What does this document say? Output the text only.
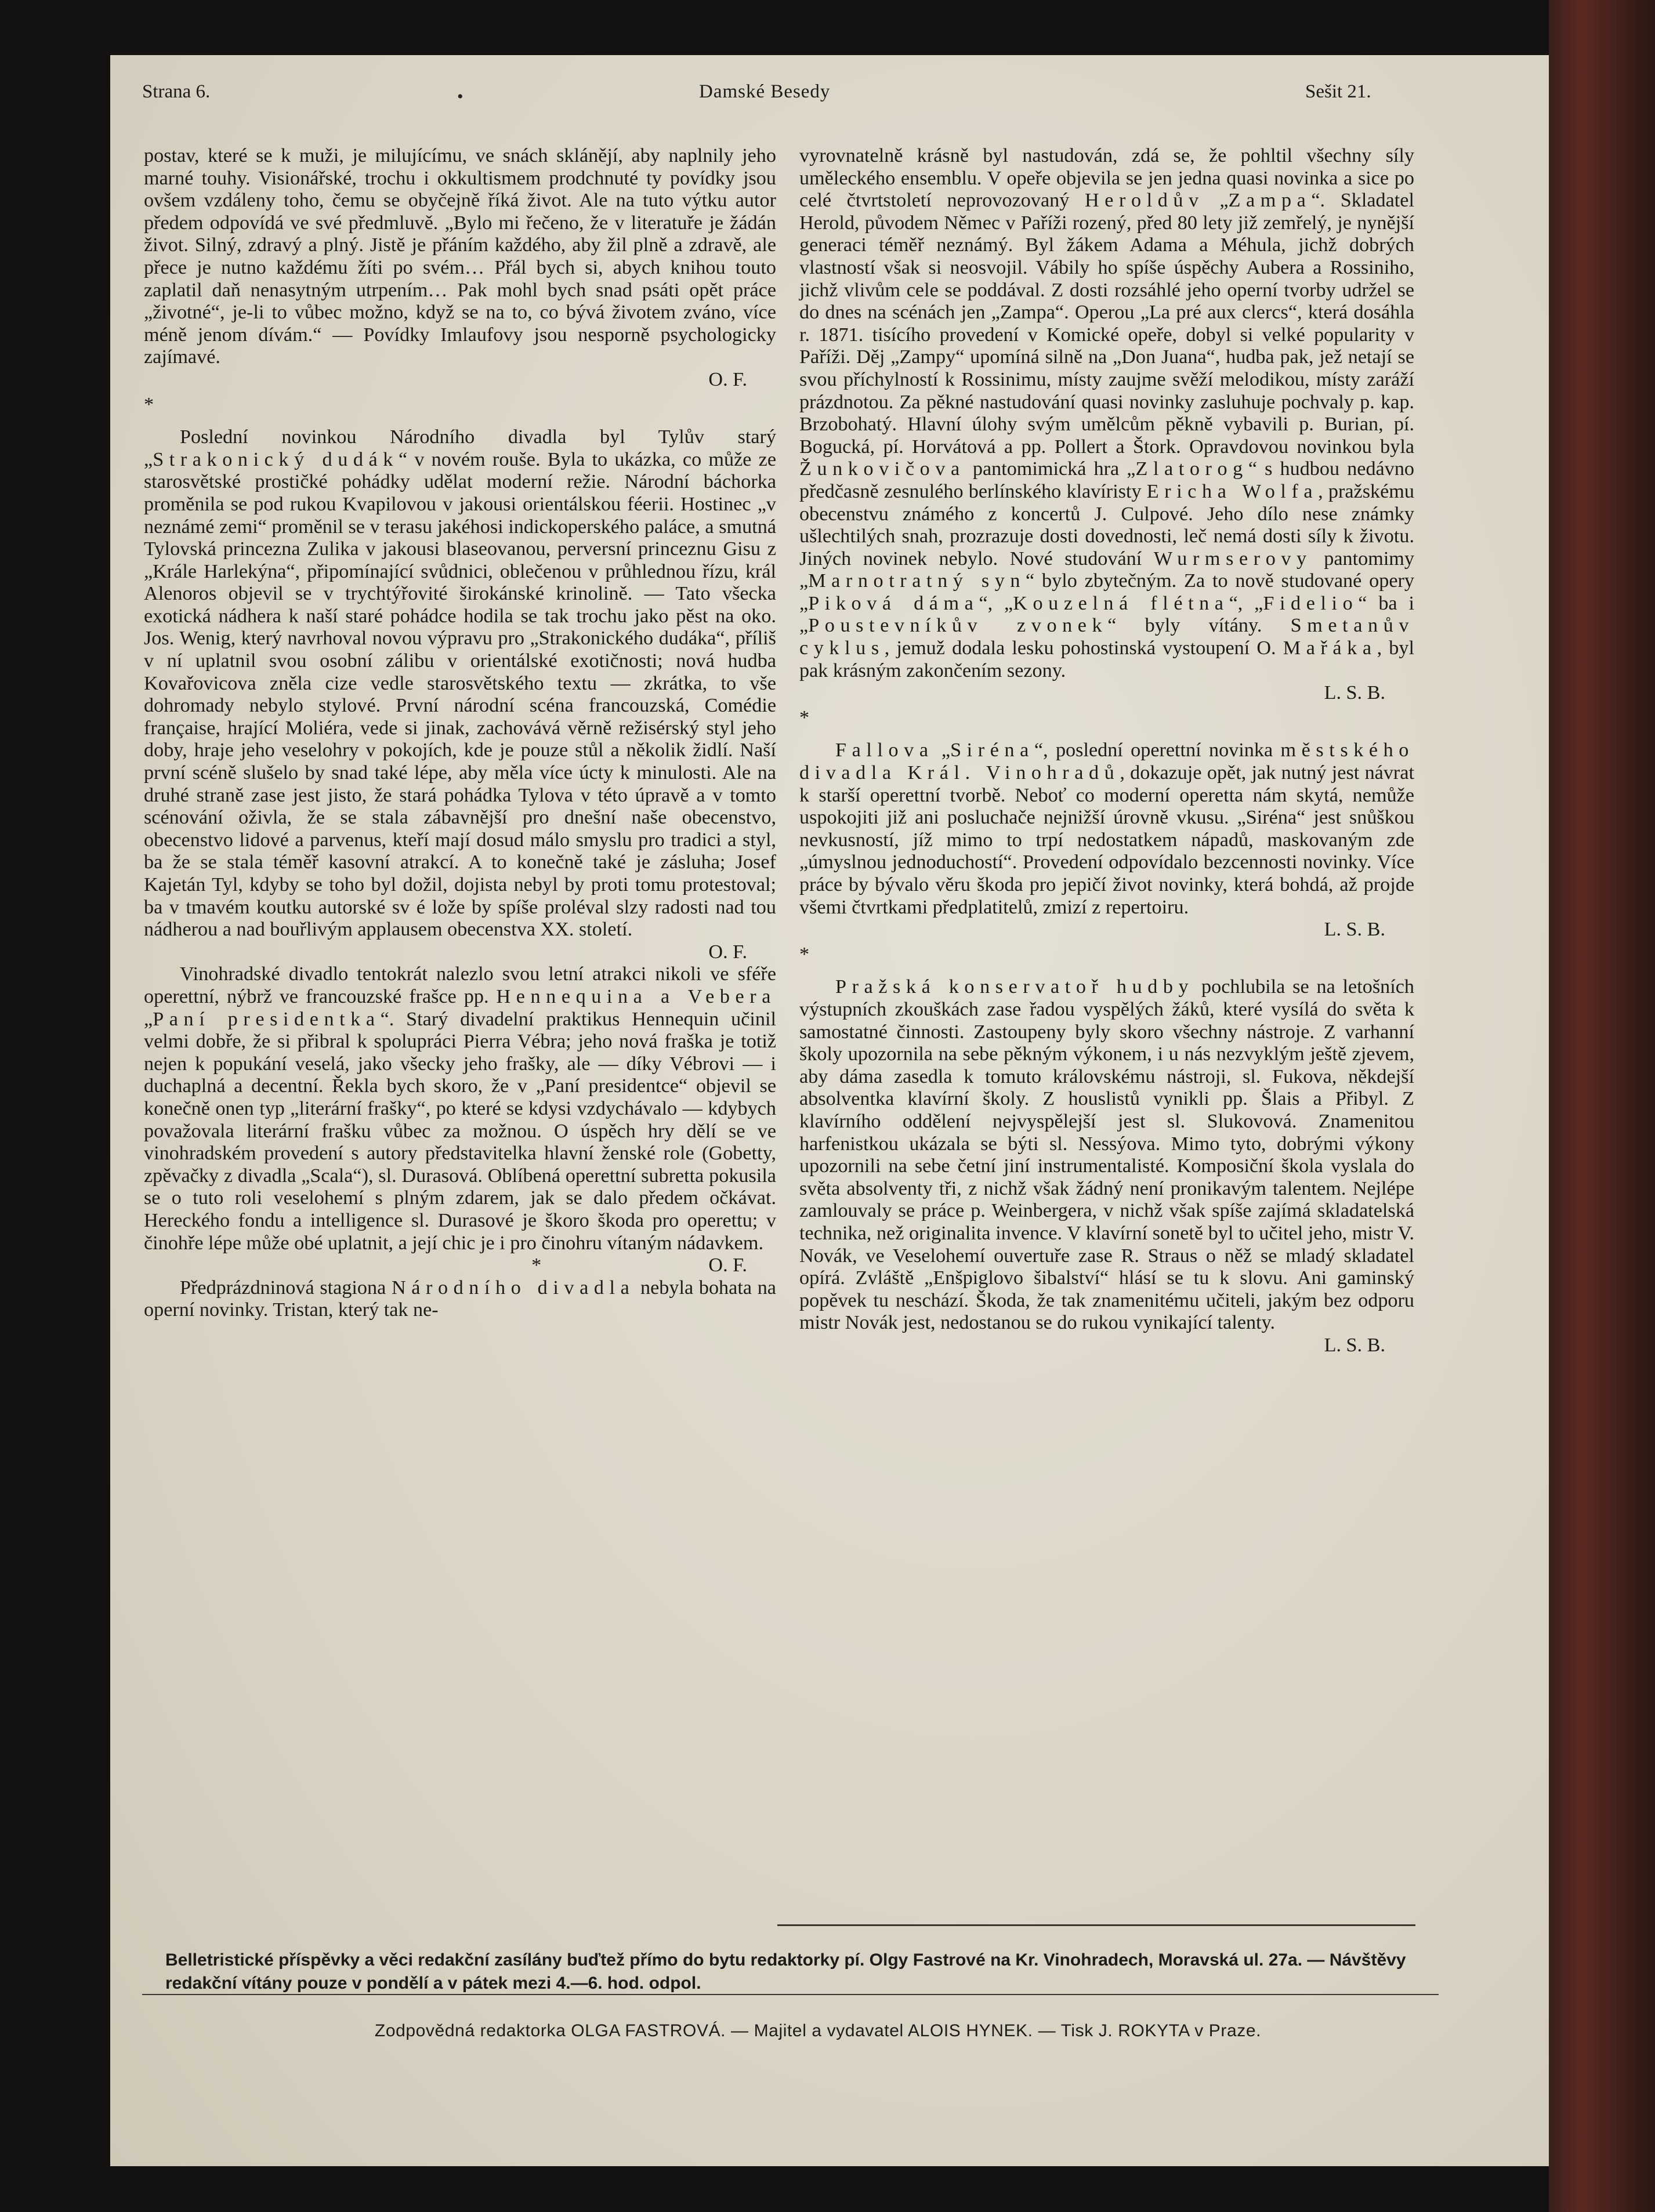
Strana 6.	Damské Besedy	Sešit 21.
•

postav, které se k muži, je milujícímu, ve snách sklánějí, aby naplnily jeho marné touhy. Visionářské, trochu i okkultismem prodchnuté ty povídky jsou ovšem vzdáleny toho, čemu se obyčejně říká život. Ale na tuto výtku autor předem odpovídá ve své předmluvě. „Bylo mi řečeno, že v literatuře je žádán život. Silný, zdravý a plný. Jistě je přáním každého, aby žil plně a zdravě, ale přece je nutno každému žíti po svém… Přál bych si, abych knihou touto zaplatil daň nenasytným utrpením… Pak mohl bych snad psáti opět práce „životné“, je-li to vůbec možno, když se na to, co bývá životem zváno, více méně jenom dívám.“ — Povídky Imlaufovy jsou nesporně psychologicky zajímavé.

O. F.
*

Poslední novinkou Národního divadla byl Tylův starý „Strakonický dudák“ v novém rouše. Byla to ukázka, co může ze starosvětské prostičké pohádky udělat moderní režie. Národní báchorka proměnila se pod rukou Kvapilovou v jakousi orientálskou féerii. Hostinec „v neznámé zemi“ proměnil se v terasu jakéhosi indickoperského paláce, a smutná Tylovská princezna Zulika v jakousi blaseovanou, perversní princeznu Gisu z „Krále Harlekýna“, připomínající svůdnici, oblečenou v průhlednou řízu, král Alenoros objevil se v trychtýřovité širokánské krinolině. — Tato všecka exotická nádhera k naší staré pohádce hodila se tak trochu jako pěst na oko. Jos. Wenig, který navrhoval novou výpravu pro „Strakonického dudáka“, příliš v ní uplatnil svou osobní zálibu v orientálské exotičnosti; nová hudba Kovařovicova zněla cize vedle starosvětského textu — zkrátka, to vše dohromady nebylo stylové. První národní scéna francouzská, Comédie française, hrající Moliéra, vede si jinak, zachovává věrně režisérský styl jeho doby, hraje jeho veselohry v pokojích, kde je pouze stůl a několik židlí. Naší první scéně slušelo by snad také lépe, aby měla více úcty k minulosti. Ale na druhé straně zase jest jisto, že stará pohádka Tylova v této úpravě a v tomto scénování oživla, že se stala zábavnější pro dnešní naše obecenstvo, obecenstvo lidové a parvenus, kteří mají dosud málo smyslu pro tradici a styl, ba že se stala téměř kasovní atrakcí. A to konečně také je zásluha; Josef Kajetán Tyl, kdyby se toho byl dožil, dojista nebyl by proti tomu protestoval; ba v tmavém koutku autorské sv é lože by spíše proléval slzy radosti nad tou nádherou a nad bouřlivým applausem obecenstva XX. století.

O. F.

Vinohradské divadlo tentokrát nalezlo svou letní atrakci nikoli ve sféře operettní, nýbrž ve francouzské frašce pp. Hennequina a Vebera „Paní presidentka“. Starý divadelní praktikus Hennequin učinil velmi dobře, že si přibral k spolupráci Pierra Vébra; jeho nová fraška je totiž nejen k popukání veselá, jako všecky jeho frašky, ale — díky Vébrovi — i duchaplná a decentní. Řekla bych skoro, že v „Paní presidentce“ objevil se konečně onen typ „literární frašky“, po které se kdysi vzdychávalo — kdybych považovala literární frašku vůbec za možnou. O úspěch hry dělí se ve vinohradském provedení s autory představitelka hlavní ženské role (Gobetty, zpěvačky z divadla „Scala“), sl. Durasová. Oblíbená operettní subretta pokusila se o tuto roli veselohemí s plným zdarem, jak se dalo předem očkávat. Hereckého fondu a intelligence sl. Durasové je škoro škoda pro operettu; v činohře lépe může obé uplatnit, a její chic je i pro činohru vítaným nádavkem.

*	O. F.

Předprázdninová stagiona Národního divadla nebyla bohata na operní novinky. Tristan, který tak ne-

vyrovnatelně krásně byl nastudován, zdá se, že pohltil všechny síly uměleckého ensemblu. V opeře objevila se jen jedna quasi novinka a sice po celé čtvrtstoletí neprovozovaný Heroldův „Zampa“. Skladatel Herold, původem Němec v Paříži rozený, před 80 lety již zemřelý, je nynější generaci téměř neznámý. Byl žákem Adama a Méhula, jichž dobrých vlastností však si neosvojil. Vábily ho spíše úspěchy Aubera a Rossiniho, jichž vlivům cele se poddával. Z dosti rozsáhlé jeho operní tvorby udržel se do dnes na scénách jen „Zampa“. Operou „La pré aux clercs“, která dosáhla r. 1871. tisícího provedení v Komické opeře, dobyl si velké popularity v Paříži. Děj „Zampy“ upomíná silně na „Don Juana“, hudba pak, jež netají se svou příchylností k Rossinimu, místy zaujme svěží melodikou, místy zaráží prázdnotou. Za pěkné nastudování quasi novinky zasluhuje pochvaly p. kap. Brzobohatý. Hlavní úlohy svým umělcům pěkně vybavili p. Burian, pí. Bogucká, pí. Horvátová a pp. Pollert a Štork. Opravdovou novinkou byla Žunkovičova pantomimická hra „Zlatorog“ s hudbou nedávno předčasně zesnulého berlínského klavíristy Ericha Wolfa, pražskému obecenstvu známého z koncertů J. Culpové. Jeho dílo nese známky ušlechtilých snah, prozrazuje dosti dovednosti, leč nemá dosti síly k životu. Jiných novinek nebylo. Nové studování Wurmserovy pantomimy „Marnotratný syn“ bylo zbytečným. Za to nově studované opery „Piková dáma“, „Kouzelná flétna“, „Fidelio“ ba i „Poustevníkův zvonek“ byly vítány. Smetanův cyklus, jemuž dodala lesku pohostinská vystoupení O. Mařáka, byl pak krásným zakončením sezony.

L. S. B.
*

Fallova „Siréna“, poslední operettní novinka městského divadla Král. Vinohradů, dokazuje opět, jak nutný jest návrat k starší operettní tvorbě. Neboť co moderní operetta nám skytá, nemůže uspokojiti již ani posluchače nejnižší úrovně vkusu. „Siréna“ jest snůškou nevkusností, jíž mimo to trpí nedostatkem nápadů, maskovaným zde „úmyslnou jednoduchostí“. Provedení odpovídalo bezcennosti novinky. Více práce by bývalo věru škoda pro jepičí život novinky, která bohdá, až projde všemi čtvrtkami předplatitelů, zmizí z repertoiru.

L. S. B.
*

Pražská konservatoř hudby pochlubila se na letošních výstupních zkouškách zase řadou vyspělých žáků, které vysílá do světa k samostatné činnosti. Zastoupeny byly skoro všechny nástroje. Z varhanní školy upozornila na sebe pěkným výkonem, i u nás nezvyklým ještě zjevem, aby dáma zasedla k tomuto královskému nástroji, sl. Fukova, někdejší absolventka klavírní školy. Z houslistů vynikli pp. Šlais a Přibyl. Z klavírního oddělení nejvyspělejší jest sl. Slukovová. Znamenitou harfenistkou ukázala se býti sl. Nessýova. Mimo tyto, dobrými výkony upozornili na sebe četní jiní instrumentalisté. Komposiční škola vyslala do světa absolventy tři, z nichž však žádný není pronikavým talentem. Nejlépe zamlouvaly se práce p. Weinbergera, v nichž však spíše zajímá skladatelská technika, než originalita invence. V klavírní sonetě byl to učitel jeho, mistr V. Novák, ve Veselohemí ouvertuře zase R. Straus o něž se mladý skladatel opírá. Zvláště „Enšpiglovo šibalství“ hlásí se tu k slovu. Ani gaminský popěvek tu neschází. Škoda, že tak znamenitému učiteli, jakým bez odporu mistr Novák jest, nedostanou se do rukou vynikající talenty.

L. S. B.
Belletristické příspěvky a věci redakční zasílány buďtež přímo do bytu redaktorky pí. Olgy Fastrové na Kr. Vinohradech, Moravská ul. 27a. — Návštěvy redakční vítány pouze v pondělí a v pátek mezi 4.—6. hod. odpol.
Zodpovědná redaktorka OLGA FASTROVÁ. — Majitel a vydavatel ALOIS HYNEK. — Tisk J. ROKYTA v Praze.
